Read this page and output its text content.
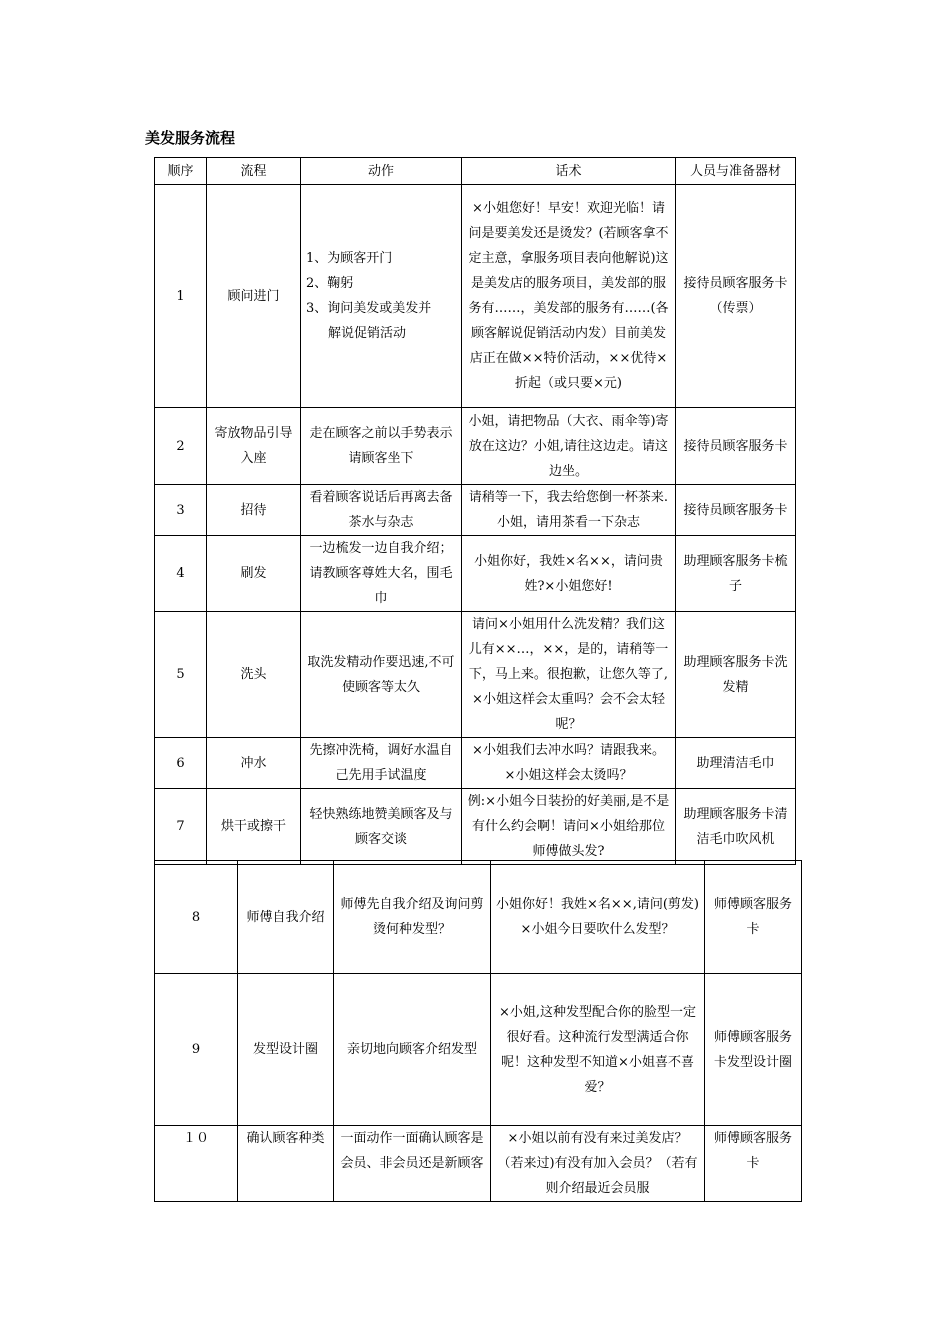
美发服务流程
顺序	流程	动作	话术	人员与准备器材
1	顾问进门	1、为顾客开门
2、鞠躬
3、询问美发或美发并
解说促销活动	×小姐您好！早安！欢迎光临！请问是要美发还是烫发？(若顾客拿不定主意，拿服务项目表向他解说)这是美发店的服务项目，美发部的服务有……，美发部的服务有……(各顾客解说促销活动内发）目前美发店正在做××特价活动，××优待×折起（或只要×元)	接待员顾客服务卡（传票）
2	寄放物品引导入座	走在顾客之前以手势表示请顾客坐下	小姐，请把物品（大衣、雨伞等)寄放在这边？小姐,请往这边走。请这边坐。	接待员顾客服务卡
3	招待	看着顾客说话后再离去备茶水与杂志	请稍等一下，我去给您倒一杯茶来.小姐，请用茶看一下杂志	接待员顾客服务卡
4	刷发	一边梳发一边自我介绍；请教顾客尊姓大名，围毛巾	小姐你好，我姓×名××，请问贵姓?×小姐您好!	助理顾客服务卡梳子
5	洗头	取洗发精动作要迅速,不可使顾客等太久	请问×小姐用什么洗发精？我们这儿有××…，××，是的，请稍等一下，马上来。很抱歉，让您久等了,×小姐这样会太重吗？会不会太轻呢？	助理顾客服务卡洗发精
6	冲水	先擦冲洗椅，调好水温自己先用手试温度	×小姐我们去冲水吗？请跟我来。×小姐这样会太烫吗？	助理清洁毛巾
7	烘干或擦干	轻快熟练地赞美顾客及与顾客交谈	例:×小姐今日装扮的好美丽,是不是有什么约会啊！请问×小姐给那位师傅做头发?	助理顾客服务卡清洁毛巾吹风机
8	师傅自我介绍	师傅先自我介绍及询问剪烫何种发型？	小姐你好！我姓×名××,请问(剪发)×小姐今日要吹什么发型？	师傅顾客服务卡
9	发型设计圈	亲切地向顾客介绍发型	×小姐,这种发型配合你的脸型一定很好看。这种流行发型满适合你呢！这种发型不知道×小姐喜不喜爱？	师傅顾客服务卡发型设计圈
１０	确认顾客种类	一面动作一面确认顾客是会员、非会员还是新顾客	×小姐以前有没有来过美发店？（若来过)有没有加入会员？（若有则介绍最近会员服	师傅顾客服务卡
